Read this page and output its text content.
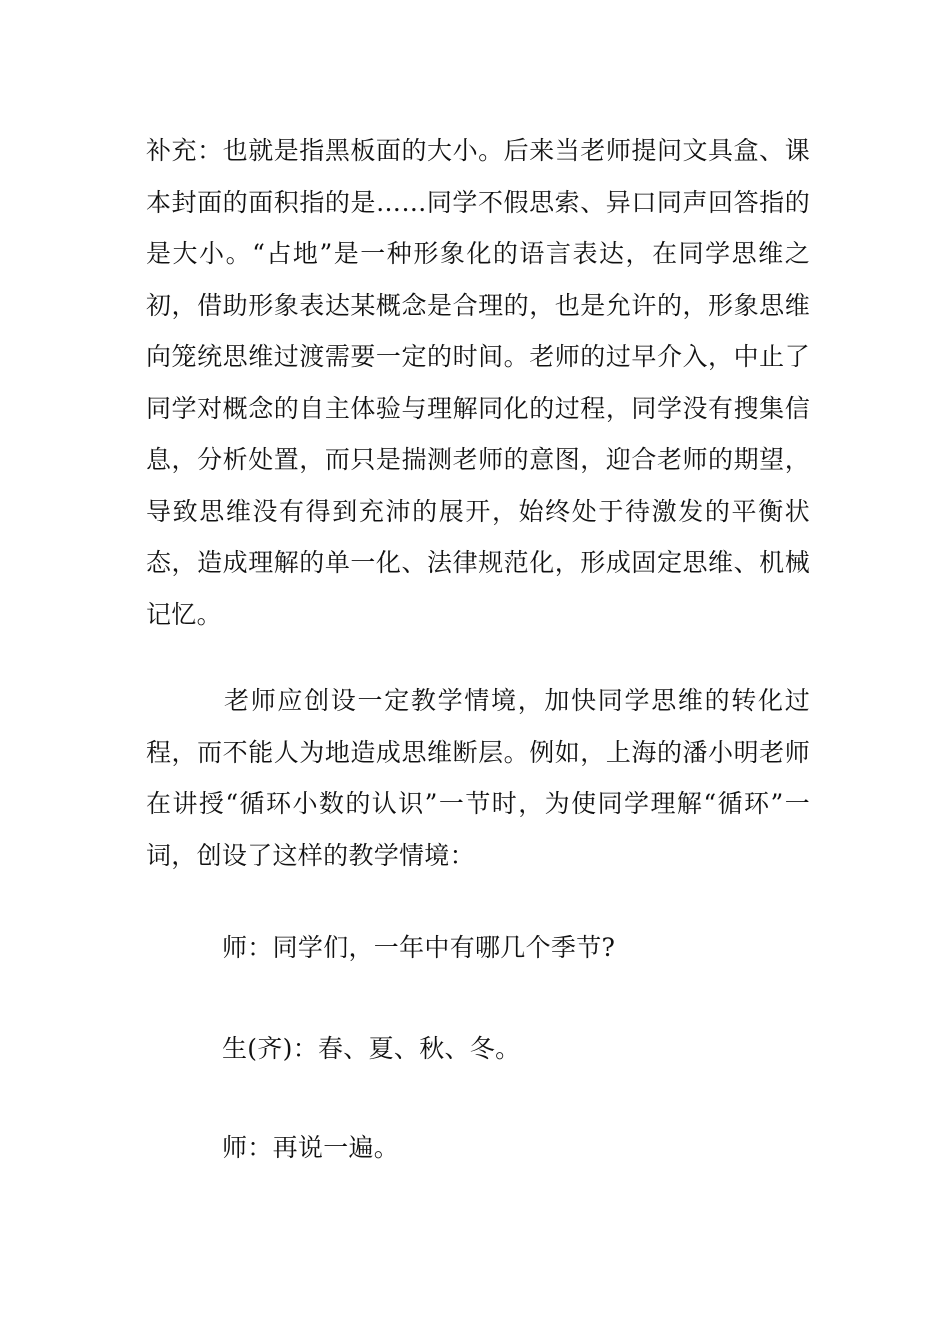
补充：也就是指黑板面的大小。后来当老师提问文具盒、课本封面的面积指的是……同学不假思索、异口同声回答指的是大小。“占地”是一种形象化的语言表达，在同学思维之初，借助形象表达某概念是合理的，也是允许的，形象思维向笼统思维过渡需要一定的时间。老师的过早介入，中止了同学对概念的自主体验与理解同化的过程，同学没有搜集信息，分析处置，而只是揣测老师的意图，迎合老师的期望，导致思维没有得到充沛的展开，始终处于待激发的平衡状态，造成理解的单一化、法律规范化，形成固定思维、机械记忆。

老师应创设一定教学情境，加快同学思维的转化过程，而不能人为地造成思维断层。例如，上海的潘小明老师在讲授“循环小数的认识”一节时，为使同学理解“循环”一词，创设了这样的教学情境：

师：同学们，一年中有哪几个季节?

生(齐)：春、夏、秋、冬。

师：再说一遍。
